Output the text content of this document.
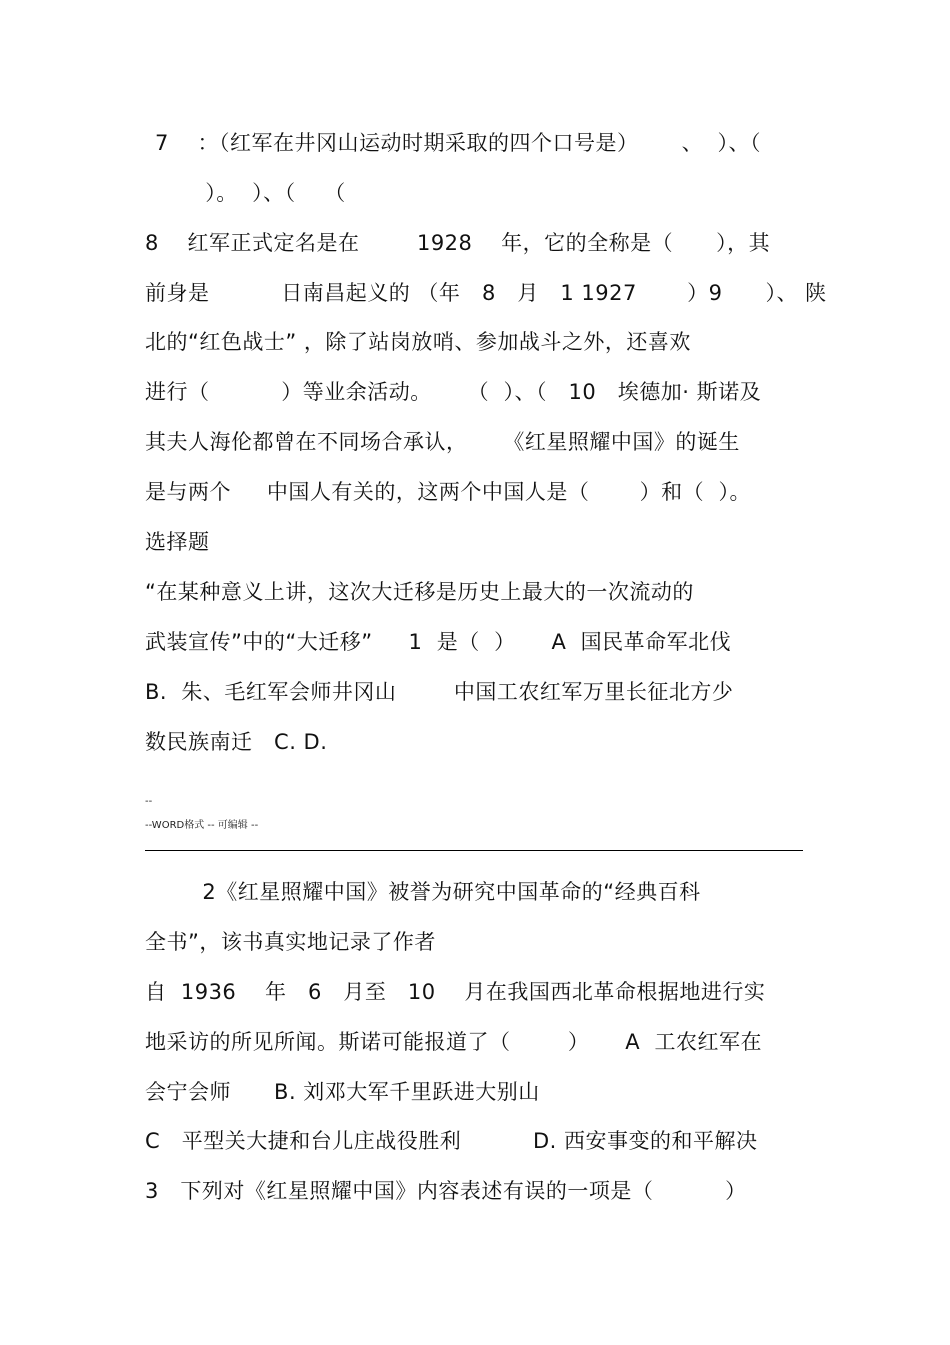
7    ：（红军在井冈山运动时期采取的四个口号是）      、  ）、（
）。  ）、（    （
8    红军正式定名是在        1928    年，它的全称是（      ），其
前身是          日南昌起义的 （年   8   月   1 1927       ）9      ）、 陕
北的“红色战士” ，除了站岗放哨、参加战斗之外，还喜欢
进行（          ）等业余活动。     （  ）、（   10   埃德加· 斯诺及
其夫人海伦都曾在不同场合承认，     《红星照耀中国》的诞生
是与两个     中国人有关的，这两个中国人是（       ）和（  ）。
选择题
“在某种意义上讲，这次大迁移是历史上最大的一次流动的
武装宣传”中的“大迁移”     1  是（  ）     A  国民革命军北伐
B.  朱、毛红军会师井冈山        中国工农红军万里长征北方少
数民族南迁   C. D.
--
--WORD格式 -- 可编辑 --
2《红星照耀中国》被誉为研究中国革命的“经典百科
全书”，该书真实地记录了作者
自  1936    年   6   月至   10    月在我国西北革命根据地进行实
地采访的所见所闻。斯诺可能报道了（        ）     A  工农红军在
会宁会师      B. 刘邓大军千里跃进大别山
C   平型关大捷和台儿庄战役胜利          D. 西安事变的和平解决
3   下列对《红星照耀中国》内容表述有误的一项是（          ）
